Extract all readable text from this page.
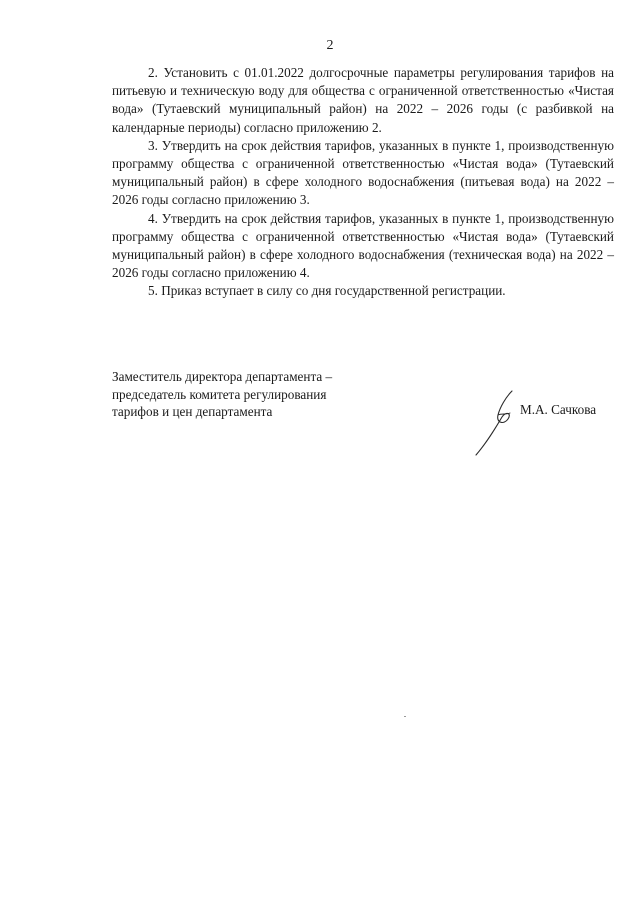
2

2. Установить с 01.01.2022 долгосрочные параметры регулирования тарифов на питьевую и техническую воду для общества с ограниченной ответственностью «Чистая вода» (Тутаевский муниципальный район) на 2022 – 2026 годы (с разбивкой на календарные периоды) согласно приложению 2.

3. Утвердить на срок действия тарифов, указанных в пункте 1, производственную программу общества с ограниченной ответственностью «Чистая вода» (Тутаевский муниципальный район) в сфере холодного водоснабжения (питьевая вода) на 2022 – 2026 годы согласно приложению 3.

4. Утвердить на срок действия тарифов, указанных в пункте 1, производственную программу общества с ограниченной ответственностью «Чистая вода» (Тутаевский муниципальный район) в сфере холодного водоснабжения (техническая вода) на 2022 – 2026 годы согласно приложению 4.

5. Приказ вступает в силу со дня государственной регистрации.

Заместитель директора департамента –
председатель комитета регулирования
тарифов и цен департамента	М.А. Сачкова
